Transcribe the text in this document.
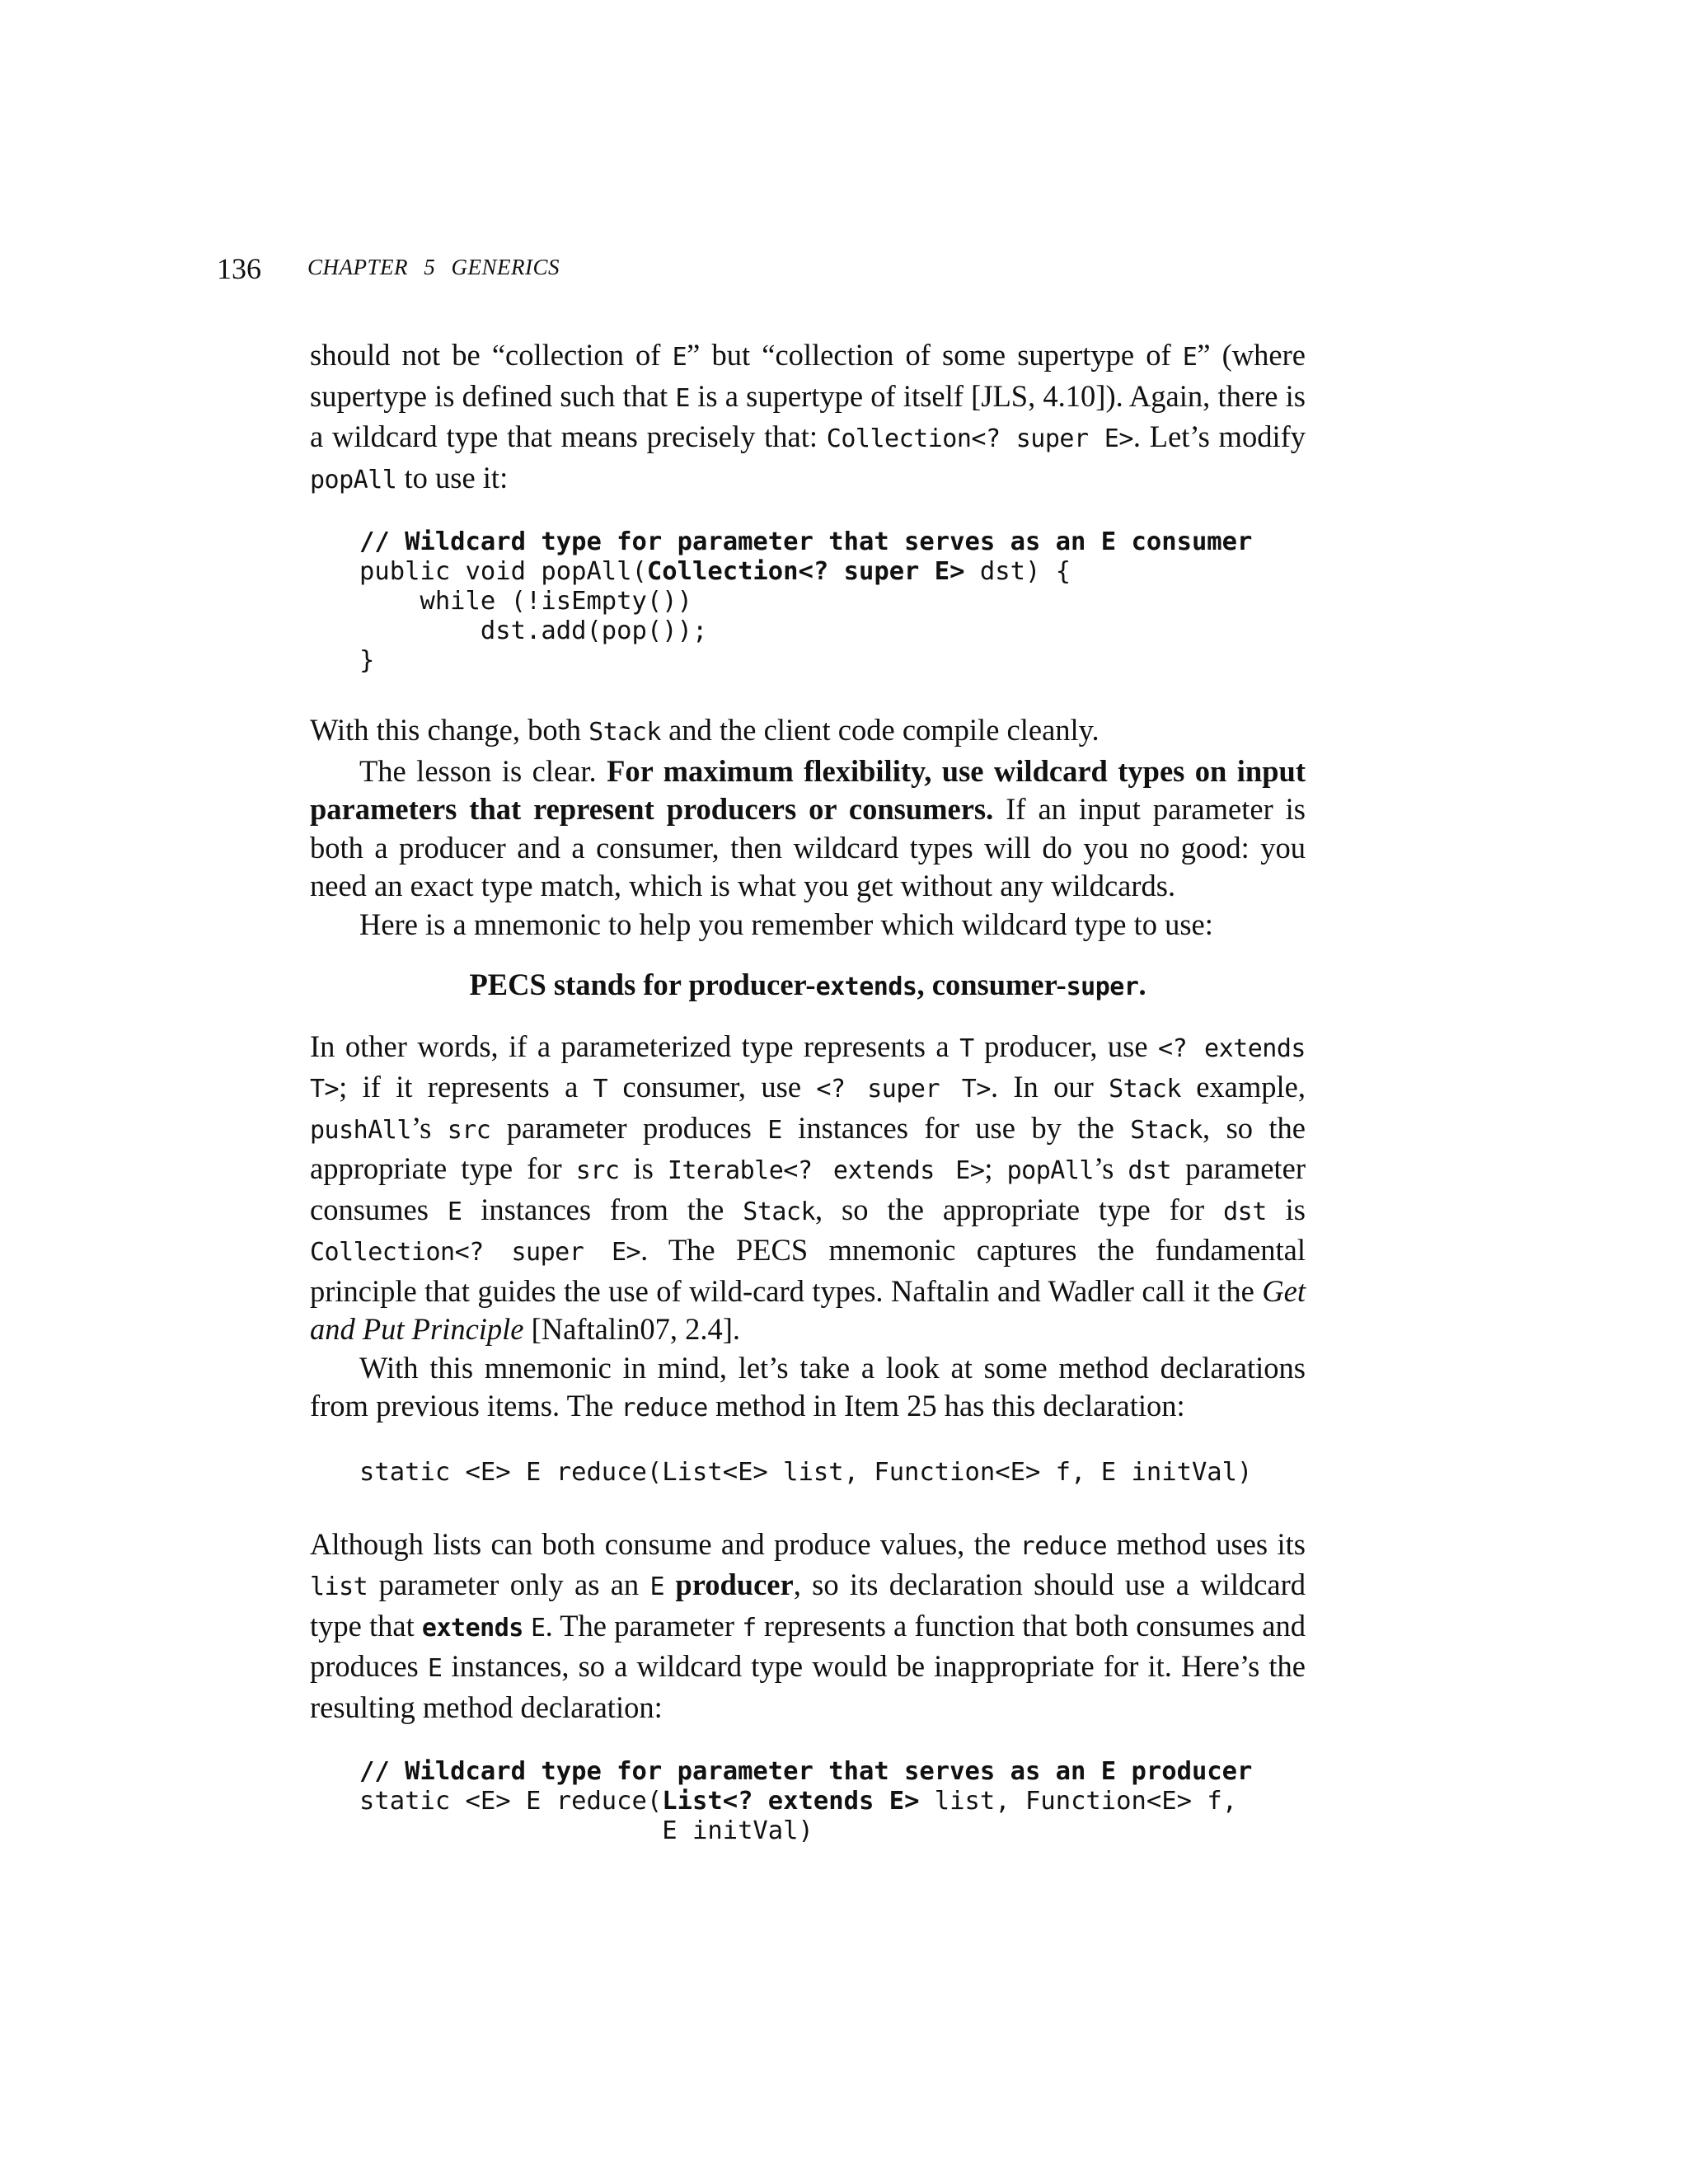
136 CHAPTER 5 GENERICS

should not be “collection of E” but “collection of some supertype of E” (where supertype is defined such that E is a supertype of itself [JLS, 4.10]). Again, there is a wildcard type that means precisely that: Collection<? super E>. Let’s modify popAll to use it:

// Wildcard type for parameter that serves as an E consumer
public void popAll(Collection<? super E> dst) {
while (!isEmpty())
dst.add(pop());
}

With this change, both Stack and the client code compile cleanly.

The lesson is clear. For maximum flexibility, use wildcard types on input parameters that represent producers or consumers. If an input parameter is both a producer and a consumer, then wildcard types will do you no good: you need an exact type match, which is what you get without any wildcards.

Here is a mnemonic to help you remember which wildcard type to use:

PECS stands for producer-extends, consumer-super.

In other words, if a parameterized type represents a T producer, use <? extends T>; if it represents a T consumer, use <? super T>. In our Stack example, pushAll’s src parameter produces E instances for use by the Stack, so the appropriate type for src is Iterable<? extends E>; popAll’s dst parameter consumes E instances from the Stack, so the appropriate type for dst is Collection<? super E>. The PECS mnemonic captures the fundamental principle that guides the use of wild-card types. Naftalin and Wadler call it the Get and Put Principle [Naftalin07, 2.4].

With this mnemonic in mind, let’s take a look at some method declarations from previous items. The reduce method in Item 25 has this declaration:

static <E> E reduce(List<E> list, Function<E> f, E initVal)

Although lists can both consume and produce values, the reduce method uses its list parameter only as an E producer, so its declaration should use a wildcard type that extends E. The parameter f represents a function that both consumes and produces E instances, so a wildcard type would be inappropriate for it. Here’s the resulting method declaration:

// Wildcard type for parameter that serves as an E producer
static <E> E reduce(List<? extends E> list, Function<E> f,
E initVal)
